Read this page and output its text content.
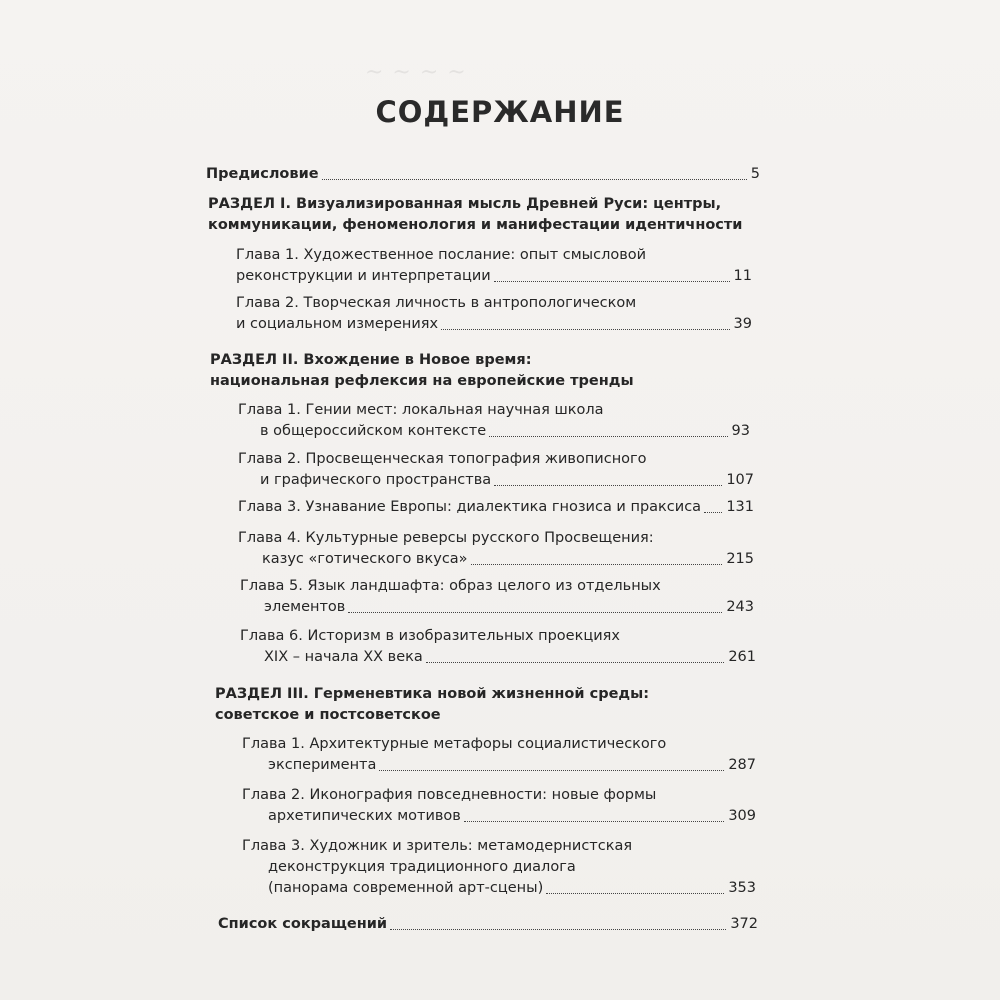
~ ~ ~ ~
СОДЕРЖАНИЕ
Предисловие	5
РАЗДЕЛ I. Визуализированная мысль Древней Руси: центры,
коммуникации, феноменология и манифестации идентичности
Глава 1. Художественное послание: опыт смысловой
реконструкции и интерпретации	11
Глава 2. Творческая личность в антропологическом
и социальном измерениях	39
РАЗДЕЛ II. Вхождение в Новое время:
национальная рефлексия на европейские тренды
Глава 1. Гении мест: локальная научная школа
в общероссийском контексте	93
Глава 2. Просвещенческая топография живописного
и графического пространства	107
Глава 3. Узнавание Европы: диалектика гнозиса и праксиса 131
Глава 4. Культурные реверсы русского Просвещения:
казус «готического вкуса»	215
Глава 5. Язык ландшафта: образ целого из отдельных
элементов	243
Глава 6. Историзм в изобразительных проекциях
XIX – начала XX века	261
РАЗДЕЛ III. Герменевтика новой жизненной среды:
советское и постсоветское
Глава 1. Архитектурные метафоры социалистического
эксперимента	287
Глава 2. Иконография повседневности: новые формы
архетипических мотивов	309
Глава 3. Художник и зритель: метамодернистская
деконструкция традиционного диалога
(панорама современной арт-сцены)	353
Список сокращений	372
